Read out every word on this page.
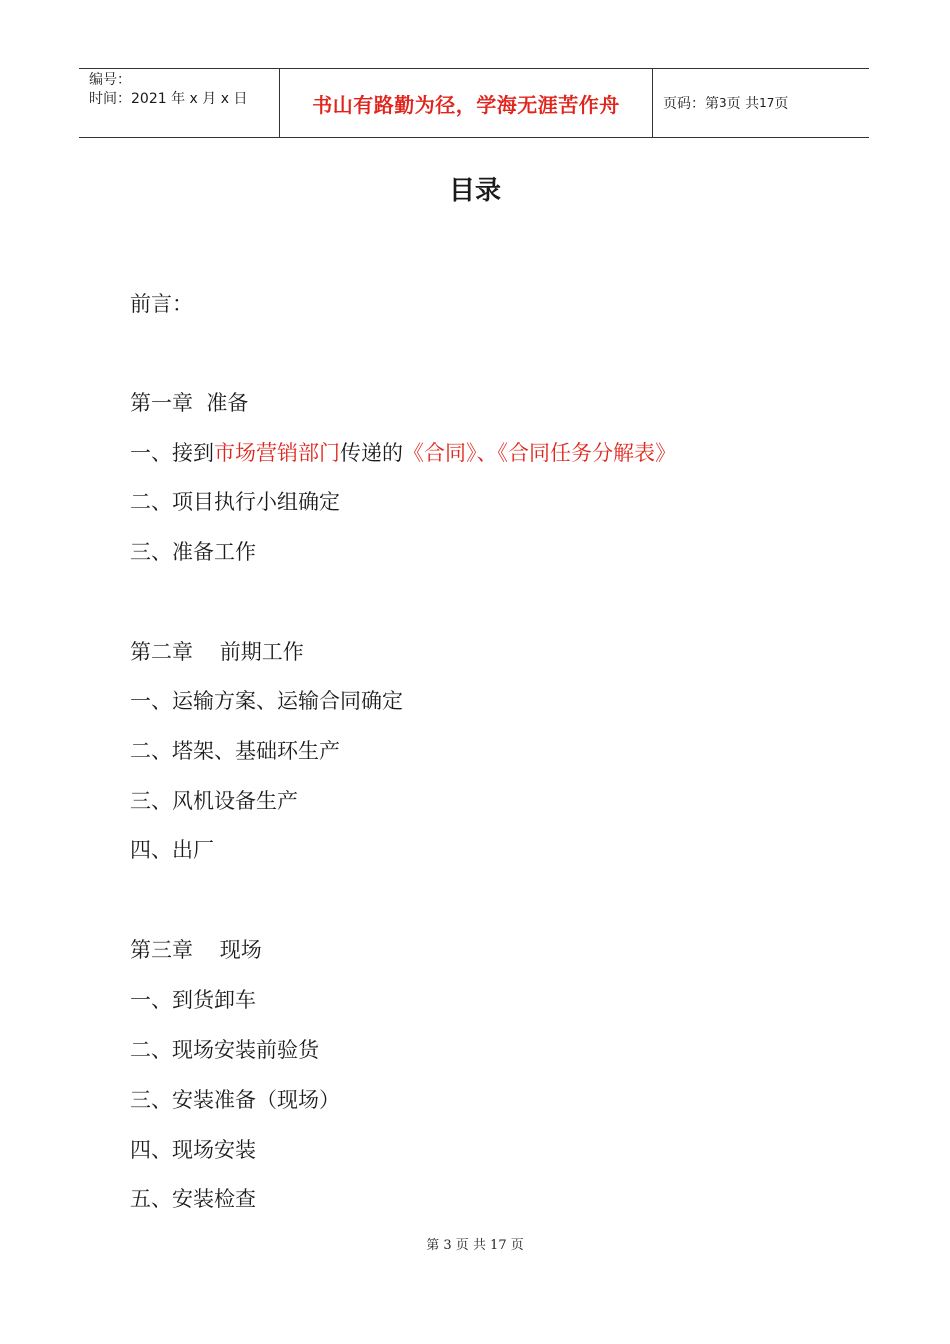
编号：
时间：2021 年 x 月 x 日	书山有路勤为径，学海无涯苦作舟	页码：第 3 页 共 17 页
目录
前言：
第一章  准备
一、接到市场营销部门传递的《合同》、《合同任务分解表》
二、项目执行小组确定
三、准备工作
第二章    前期工作
一、运输方案、运输合同确定
二、塔架、基础环生产
三、风机设备生产
四、出厂
第三章    现场
一、到货卸车
二、现场安装前验货
三、安装准备（现场）
四、现场安装
五、安装检查
第 3 页 共 17 页
